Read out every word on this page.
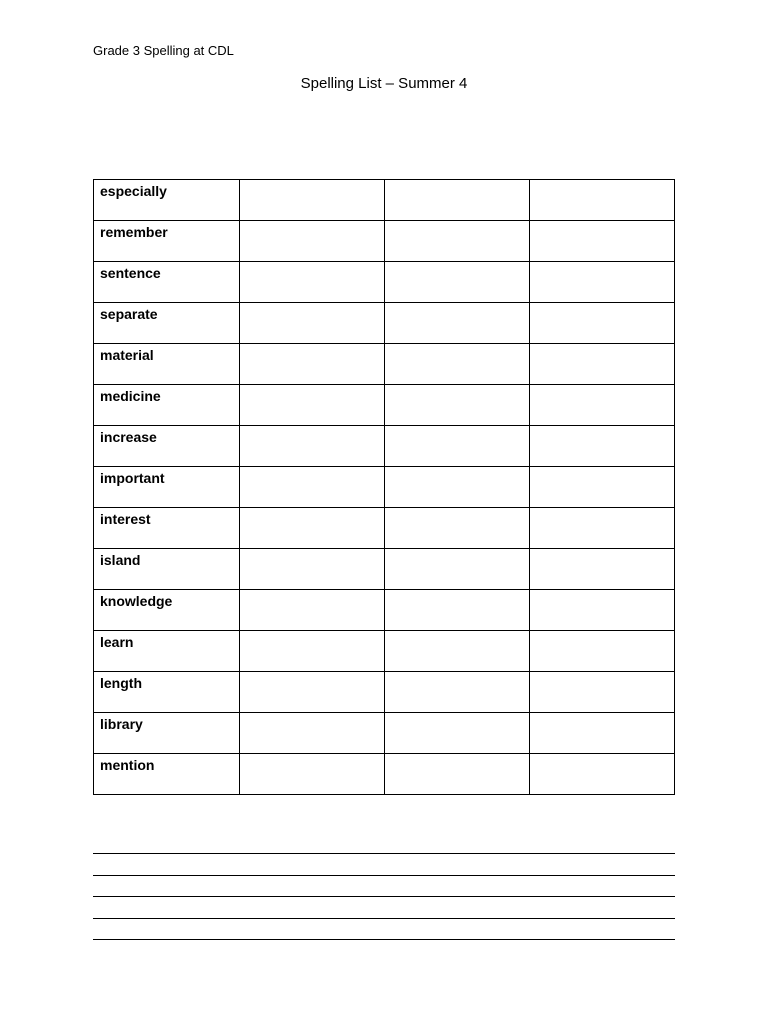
Grade 3 Spelling at CDL
Spelling List – Summer 4
especially			
remember			
sentence			
separate			
material			
medicine			
increase			
important			
interest			
island			
knowledge			
learn			
length			
library			
mention			
